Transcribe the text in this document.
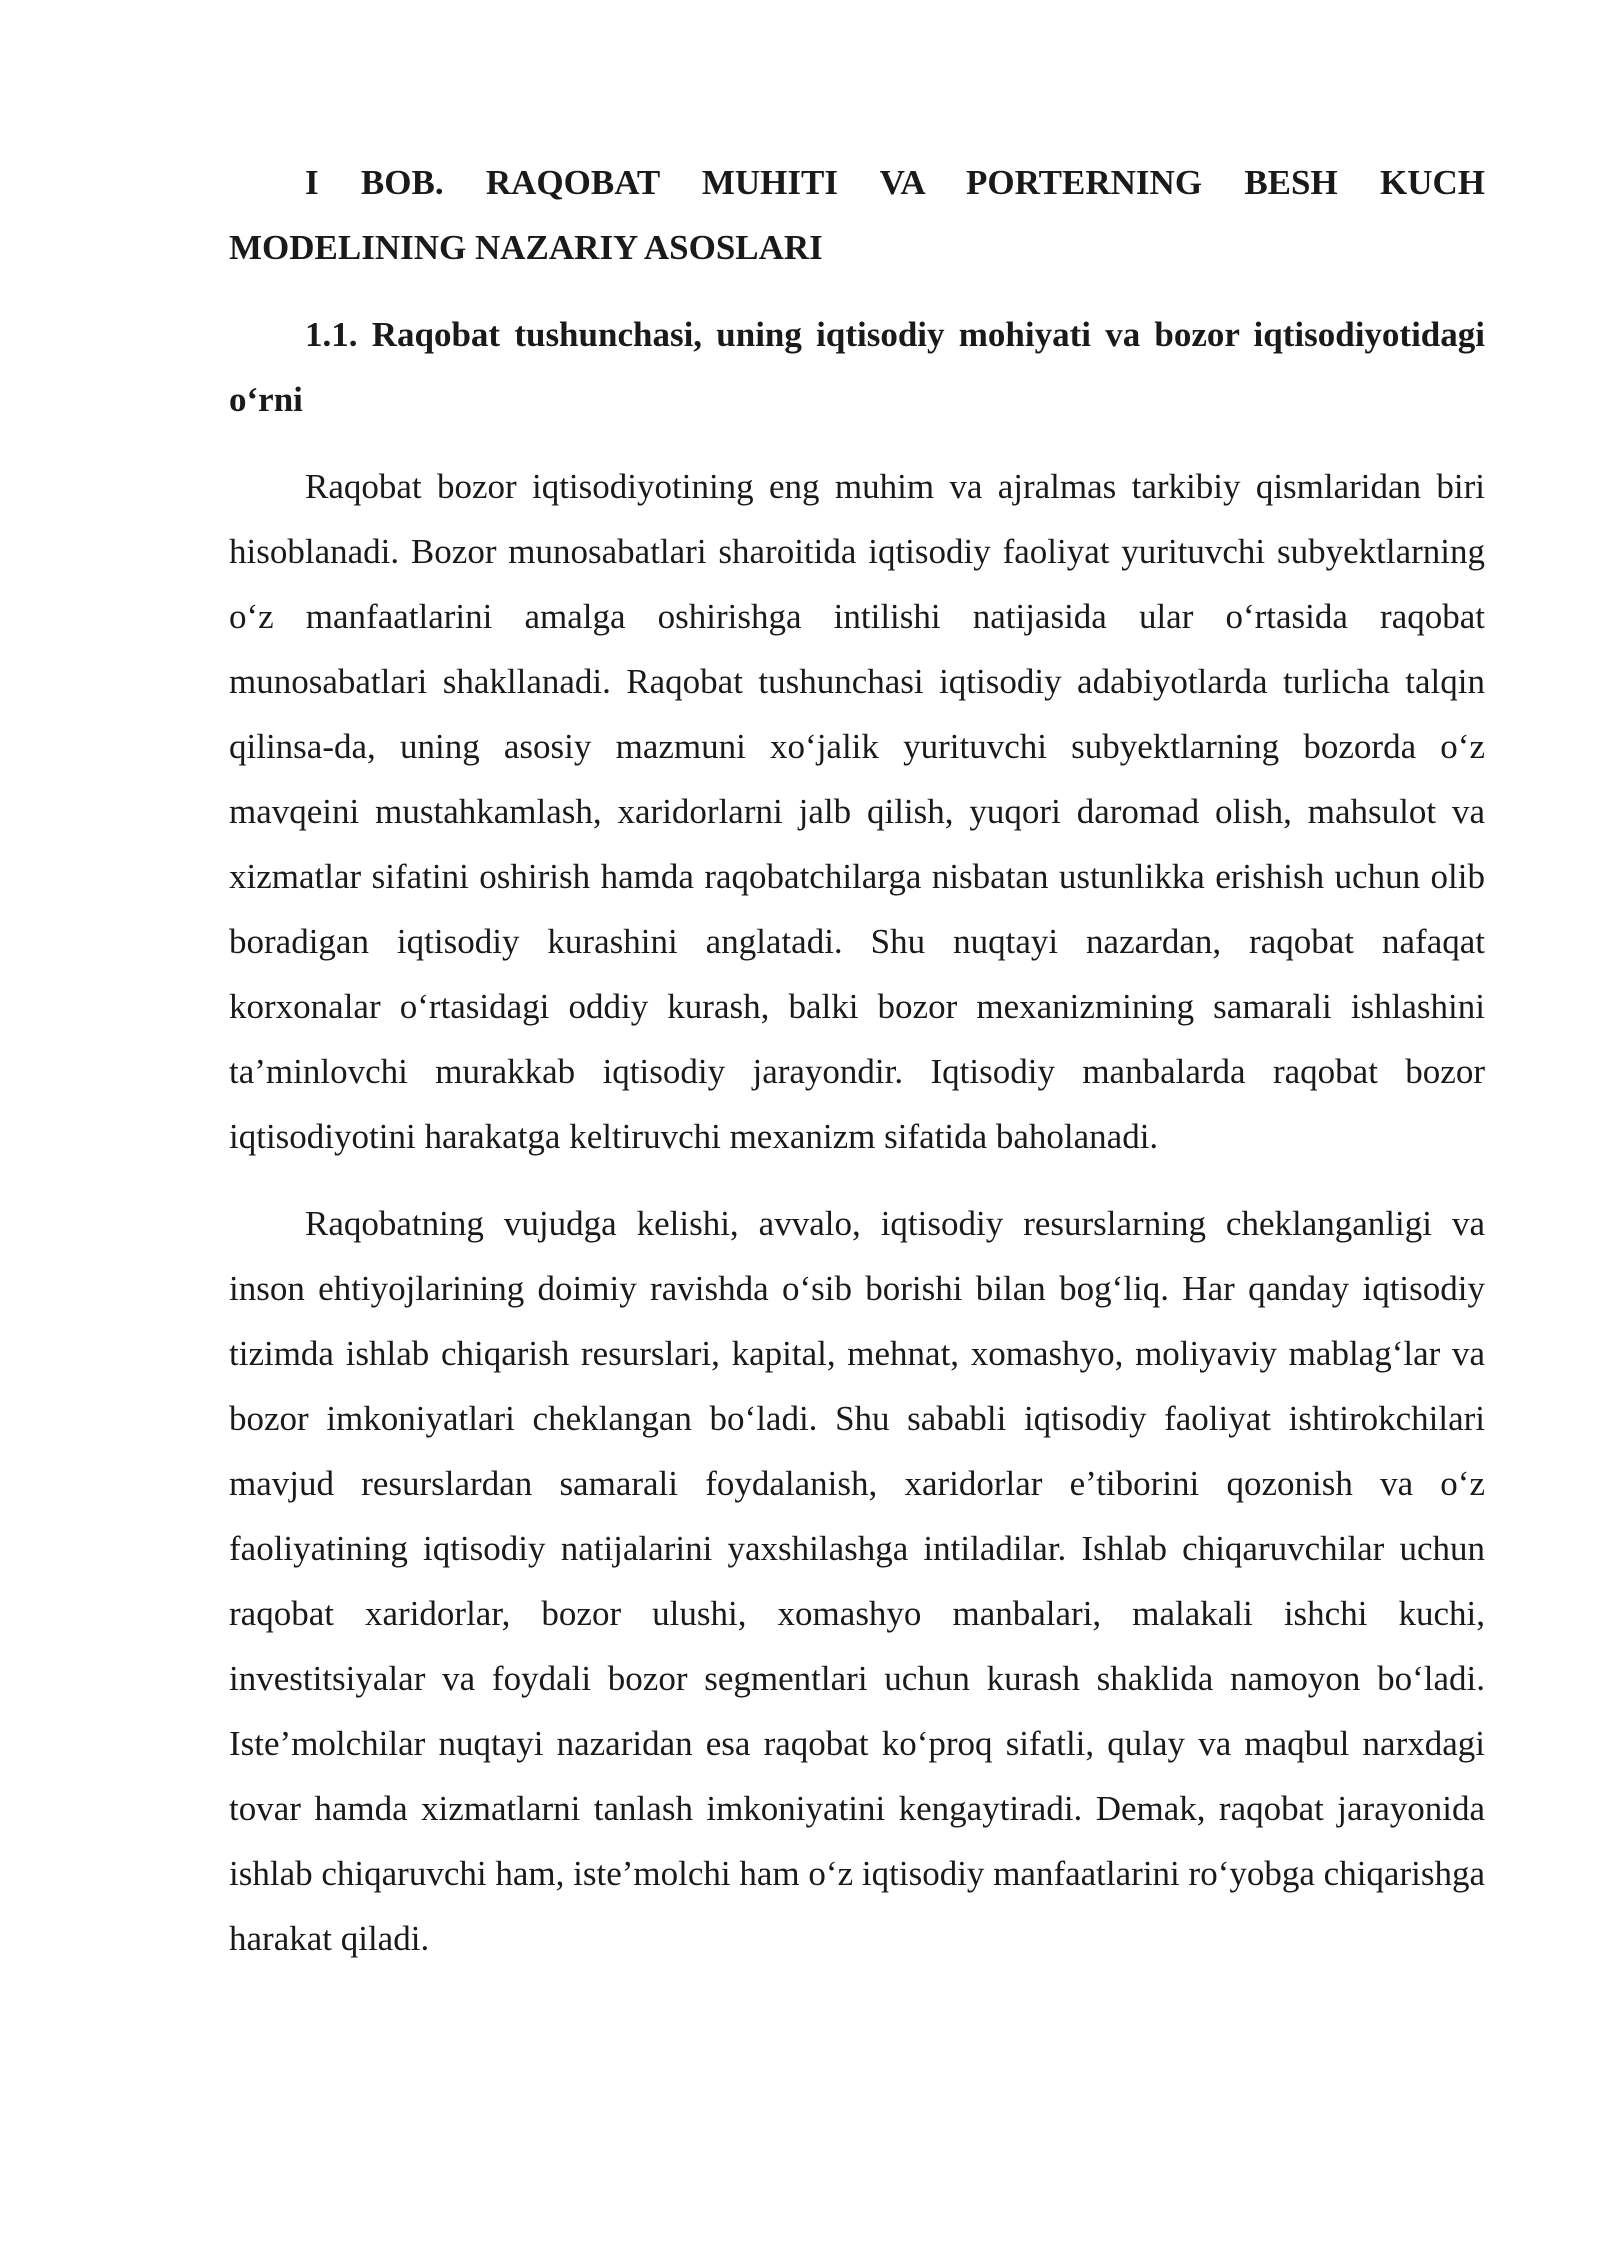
I BOB. RAQOBAT MUHITI VA PORTERNING BESH KUCH MODELINING NAZARIY ASOSLARI

1.1. Raqobat tushunchasi, uning iqtisodiy mohiyati va bozor iqtisodiyotidagi o‘rni

Raqobat bozor iqtisodiyotining eng muhim va ajralmas tarkibiy qismlaridan biri hisoblanadi. Bozor munosabatlari sharoitida iqtisodiy faoliyat yurituvchi subyektlarning o‘z manfaatlarini amalga oshirishga intilishi natijasida ular o‘rtasida raqobat munosabatlari shakllanadi. Raqobat tushunchasi iqtisodiy adabiyotlarda turlicha talqin qilinsa-da, uning asosiy mazmuni xo‘jalik yurituvchi subyektlarning bozorda o‘z mavqeini mustahkamlash, xaridorlarni jalb qilish, yuqori daromad olish, mahsulot va xizmatlar sifatini oshirish hamda raqobatchilarga nisbatan ustunlikka erishish uchun olib boradigan iqtisodiy kurashini anglatadi. Shu nuqtayi nazardan, raqobat nafaqat korxonalar o‘rtasidagi oddiy kurash, balki bozor mexanizmining samarali ishlashini ta’minlovchi murakkab iqtisodiy jarayondir. Iqtisodiy manbalarda raqobat bozor iqtisodiyotini harakatga keltiruvchi mexanizm sifatida baholanadi.

Raqobatning vujudga kelishi, avvalo, iqtisodiy resurslarning cheklanganligi va inson ehtiyojlarining doimiy ravishda o‘sib borishi bilan bog‘liq. Har qanday iqtisodiy tizimda ishlab chiqarish resurslari, kapital, mehnat, xomashyo, moliyaviy mablag‘lar va bozor imkoniyatlari cheklangan bo‘ladi. Shu sababli iqtisodiy faoliyat ishtirokchilari mavjud resurslardan samarali foydalanish, xaridorlar e’tiborini qozonish va o‘z faoliyatining iqtisodiy natijalarini yaxshilashga intiladilar. Ishlab chiqaruvchilar uchun raqobat xaridorlar, bozor ulushi, xomashyo manbalari, malakali ishchi kuchi, investitsiyalar va foydali bozor segmentlari uchun kurash shaklida namoyon bo‘ladi. Iste’molchilar nuqtayi nazaridan esa raqobat ko‘proq sifatli, qulay va maqbul narxdagi tovar hamda xizmatlarni tanlash imkoniyatini kengaytiradi. Demak, raqobat jarayonida ishlab chiqaruvchi ham, iste’molchi ham o‘z iqtisodiy manfaatlarini ro‘yobga chiqarishga harakat qiladi.
